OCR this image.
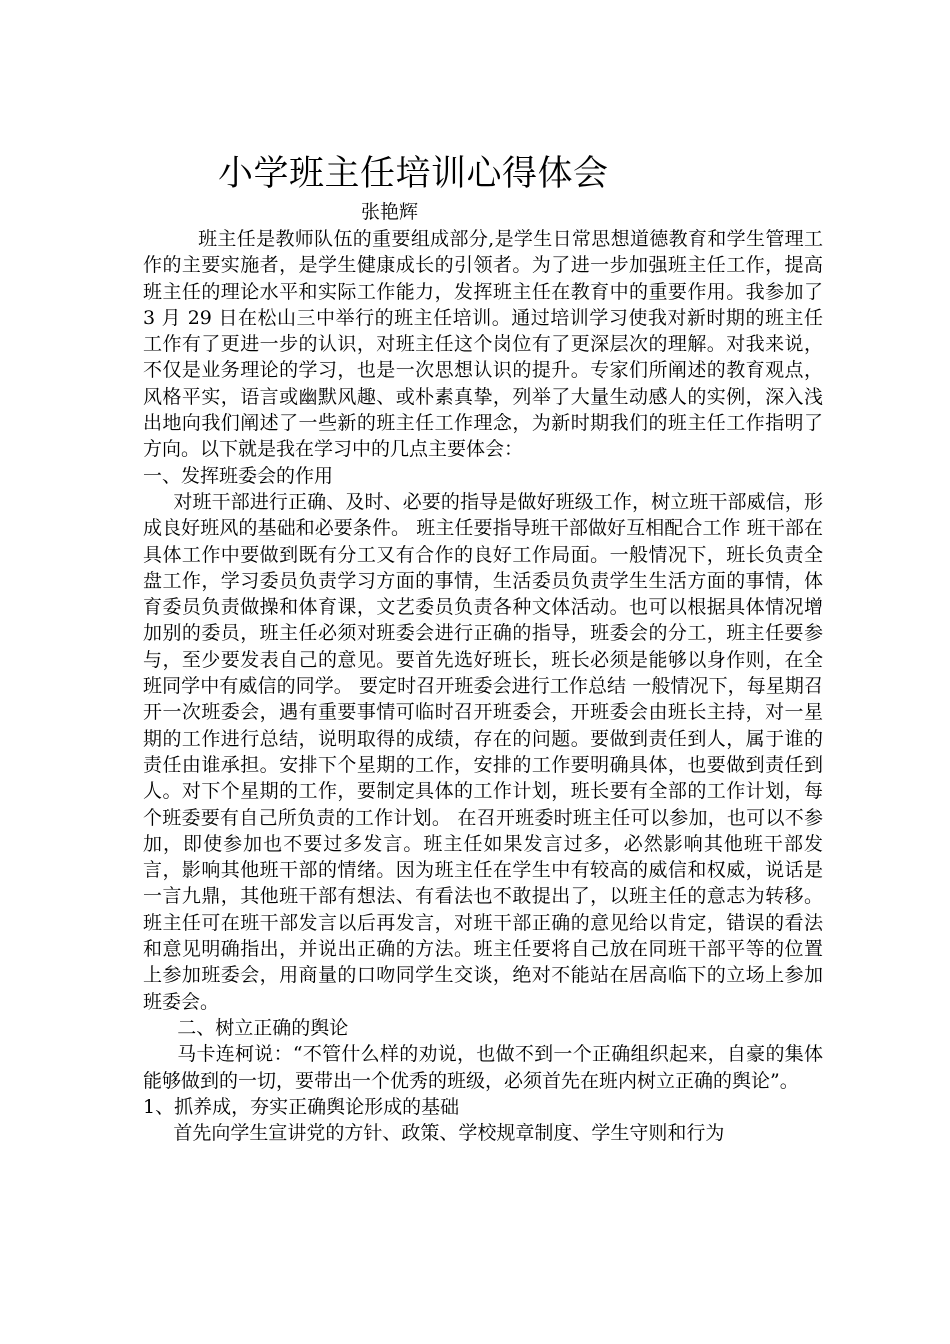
小学班主任培训心得体会
张艳辉

班主任是教师队伍的重要组成部分,是学生日常思想道德教育和学生管理工作的主要实施者，是学生健康成长的引领者。为了进一步加强班主任工作，提高班主任的理论水平和实际工作能力，发挥班主任在教育中的重要作用。我参加了 3 月 29 日在松山三中举行的班主任培训。通过培训学习使我对新时期的班主任工作有了更进一步的认识，对班主任这个岗位有了更深层次的理解。对我来说，不仅是业务理论的学习，也是一次思想认识的提升。专家们所阐述的教育观点，风格平实，语言或幽默风趣、或朴素真挚，列举了大量生动感人的实例，深入浅出地向我们阐述了一些新的班主任工作理念，为新时期我们的班主任工作指明了方向。以下就是我在学习中的几点主要体会：

一、发挥班委会的作用

对班干部进行正确、及时、必要的指导是做好班级工作，树立班干部威信，形成良好班风的基础和必要条件。 班主任要指导班干部做好互相配合工作 班干部在具体工作中要做到既有分工又有合作的良好工作局面。一般情况下，班长负责全盘工作，学习委员负责学习方面的事情，生活委员负责学生生活方面的事情，体育委员负责做操和体育课，文艺委员负责各种文体活动。也可以根据具体情况增加别的委员，班主任必须对班委会进行正确的指导，班委会的分工，班主任要参与，至少要发表自己的意见。要首先选好班长，班长必须是能够以身作则，在全班同学中有威信的同学。 要定时召开班委会进行工作总结 一般情况下，每星期召开一次班委会，遇有重要事情可临时召开班委会，开班委会由班长主持，对一星期的工作进行总结，说明取得的成绩，存在的问题。要做到责任到人，属于谁的责任由谁承担。安排下个星期的工作，安排的工作要明确具体，也要做到责任到人。对下个星期的工作，要制定具体的工作计划，班长要有全部的工作计划，每个班委要有自己所负责的工作计划。 在召开班委时班主任可以参加，也可以不参加，即使参加也不要过多发言。班主任如果发言过多，必然影响其他班干部发言，影响其他班干部的情绪。因为班主任在学生中有较高的威信和权威，说话是一言九鼎，其他班干部有想法、有看法也不敢提出了，以班主任的意志为转移。班主任可在班干部发言以后再发言，对班干部正确的意见给以肯定，错误的看法和意见明确指出，并说出正确的方法。班主任要将自己放在同班干部平等的位置上参加班委会，用商量的口吻同学生交谈，绝对不能站在居高临下的立场上参加班委会。

二、树立正确的舆论

马卡连柯说：“不管什么样的劝说，也做不到一个正确组织起来，自豪的集体能够做到的一切，要带出一个优秀的班级，必须首先在班内树立正确的舆论”。

1、抓养成，夯实正确舆论形成的基础

首先向学生宣讲党的方针、政策、学校规章制度、学生守则和行为
